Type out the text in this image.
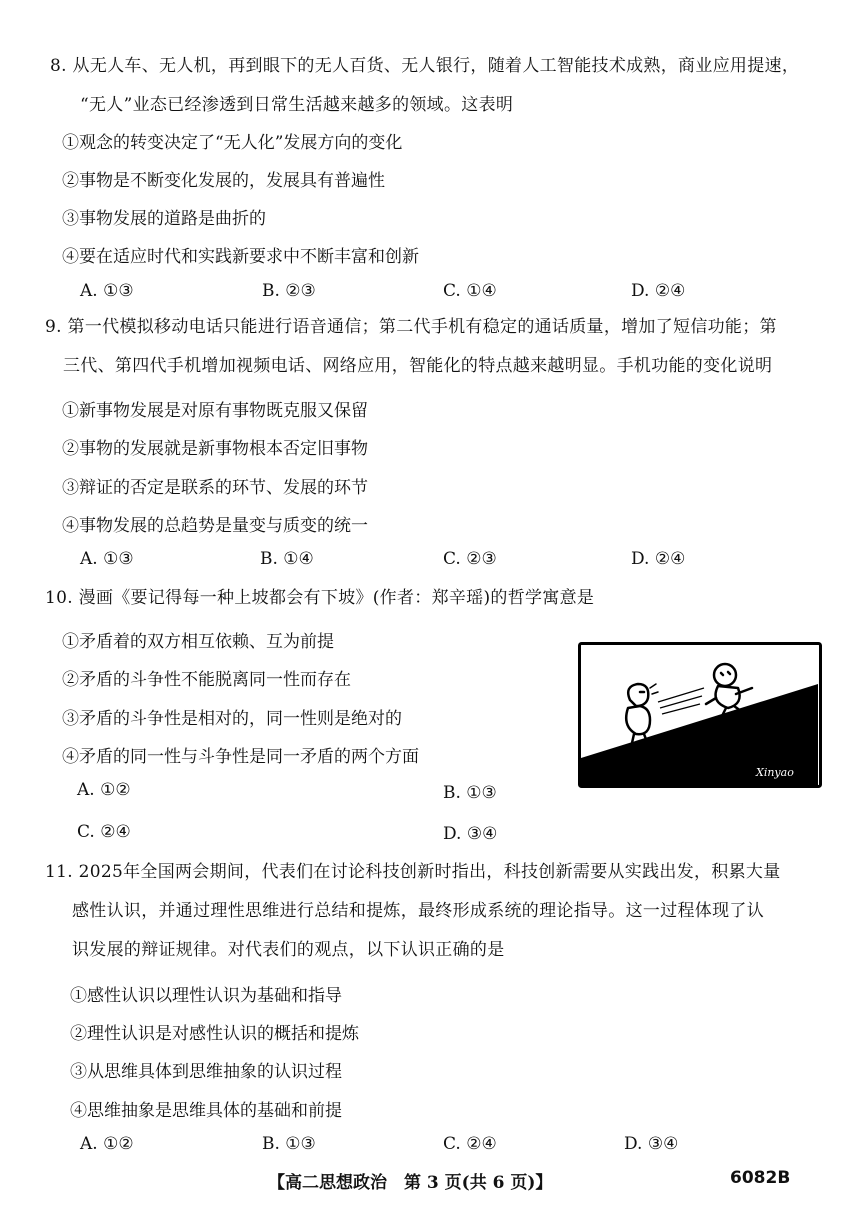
8. 从无人车、无人机，再到眼下的无人百货、无人银行，随着人工智能技术成熟，商业应用提速，
“无人”业态已经渗透到日常生活越来越多的领域。这表明
①观念的转变决定了“无人化”发展方向的变化
②事物是不断变化发展的，发展具有普遍性
③事物发展的道路是曲折的
④要在适应时代和实践新要求中不断丰富和创新
A. ①③	B. ②③	C. ①④	D. ②④
9. 第一代模拟移动电话只能进行语音通信；第二代手机有稳定的通话质量，增加了短信功能；第
三代、第四代手机增加视频电话、网络应用，智能化的特点越来越明显。手机功能的变化说明
①新事物发展是对原有事物既克服又保留
②事物的发展就是新事物根本否定旧事物
③辩证的否定是联系的环节、发展的环节
④事物发展的总趋势是量变与质变的统一
A. ①③	B. ①④	C. ②③	D. ②④
10. 漫画《要记得每一种上坡都会有下坡》(作者：郑辛瑶)的哲学寓意是
①矛盾着的双方相互依赖、互为前提
②矛盾的斗争性不能脱离同一性而存在
③矛盾的斗争性是相对的，同一性则是绝对的
④矛盾的同一性与斗争性是同一矛盾的两个方面
A. ①②	B. ①③
C. ②④	D. ③④
Xinyao
11. 2025年全国两会期间，代表们在讨论科技创新时指出，科技创新需要从实践出发，积累大量
感性认识，并通过理性思维进行总结和提炼，最终形成系统的理论指导。这一过程体现了认
识发展的辩证规律。对代表们的观点，以下认识正确的是
①感性认识以理性认识为基础和指导
②理性认识是对感性认识的概括和提炼
③从思维具体到思维抽象的认识过程
④思维抽象是思维具体的基础和前提
A. ①②	B. ①③	C. ②④	D. ③④
【高二思想政治　第 3 页(共 6 页)】	6082B
